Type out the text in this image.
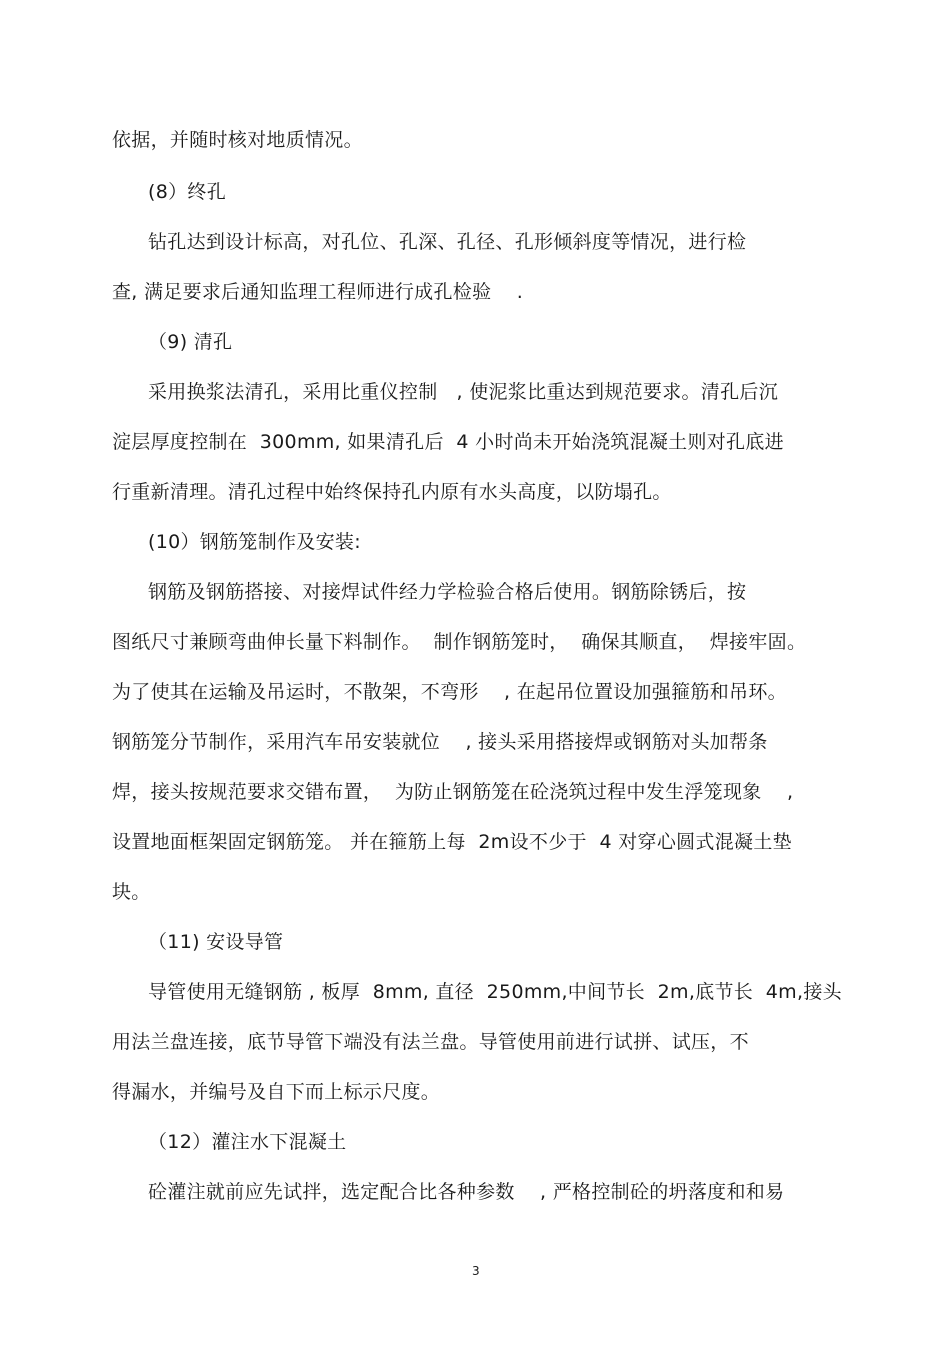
依据，并随时核对地质情况。
(8）终孔
钻孔达到设计标高，对孔位、孔深、孔径、孔形倾斜度等情况，进行检
查, 满足要求后通知监理工程师进行成孔检验    .
（9) 清孔
采用换浆法清孔，采用比重仪控制   , 使泥浆比重达到规范要求。清孔后沉
淀层厚度控制在  300mm, 如果清孔后  4 小时尚未开始浇筑混凝土则对孔底进
行重新清理。清孔过程中始终保持孔内原有水头高度，以防塌孔。
(10）钢筋笼制作及安装:
钢筋及钢筋搭接、对接焊试件经力学检验合格后使用。钢筋除锈后，按
图纸尺寸兼顾弯曲伸长量下料制作。  制作钢筋笼时，  确保其顺直，  焊接牢固。
为了使其在运输及吊运时，不散架，不弯形    , 在起吊位置设加强箍筋和吊环。
钢筋笼分节制作，采用汽车吊安装就位    , 接头采用搭接焊或钢筋对头加帮条
焊，接头按规范要求交错布置，  为防止钢筋笼在砼浇筑过程中发生浮笼现象    ,
设置地面框架固定钢筋笼。 并在箍筋上每  2m设不少于  4 对穿心圆式混凝土垫
块。
（11) 安设导管
导管使用无缝钢筋 , 板厚  8mm, 直径  250mm,中间节长  2m,底节长  4m,接头
用法兰盘连接，底节导管下端没有法兰盘。导管使用前进行试拼、试压，不
得漏水，并编号及自下而上标示尺度。
（12）灌注水下混凝土
砼灌注就前应先试拌，选定配合比各种参数    , 严格控制砼的坍落度和和易
3
